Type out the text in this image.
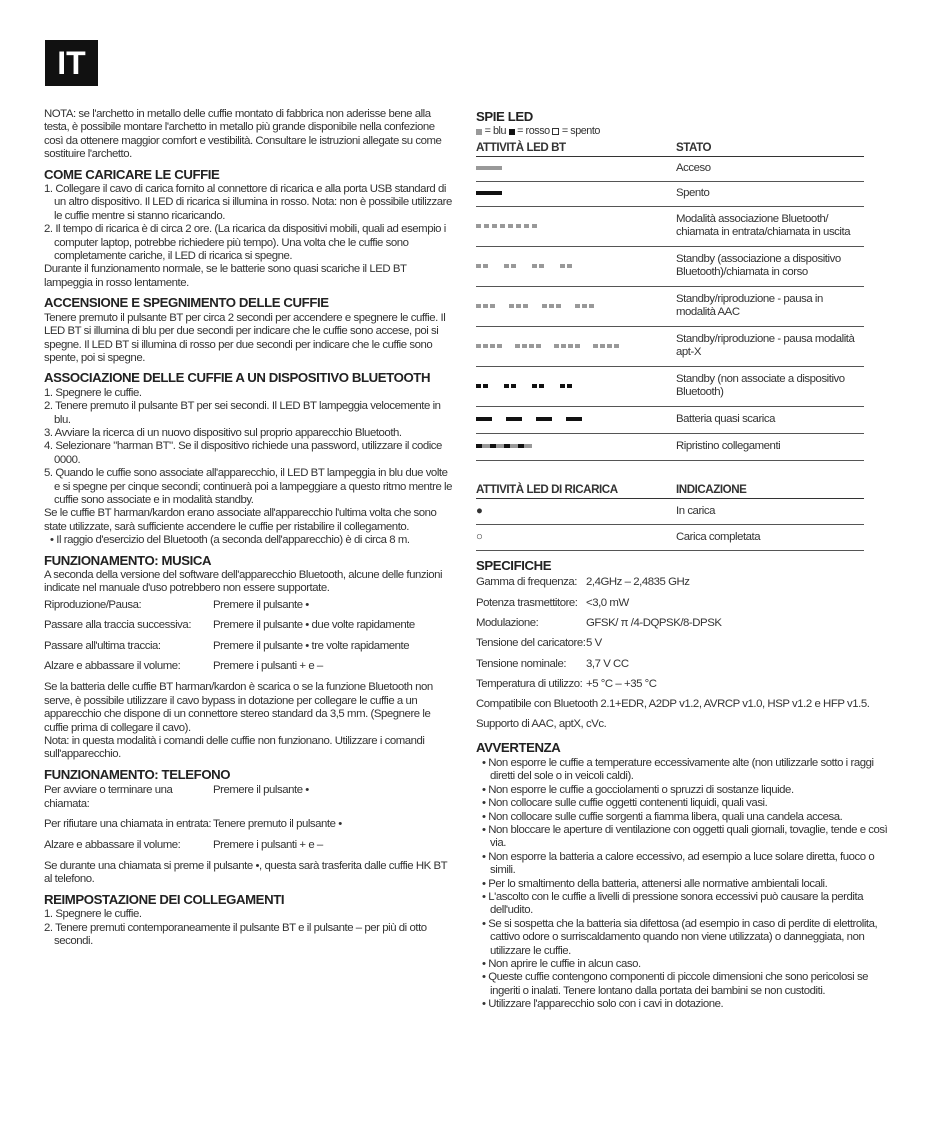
IT

NOTA: se l'archetto in metallo delle cuffie montato di fabbrica non aderisse bene alla testa, è possibile montare l'archetto in metallo più grande disponibile nella confezione così da ottenere maggior comfort e vestibilità. Consultare le istruzioni allegate su come sostituire l'archetto.

COME CARICARE LE CUFFIE
1. Collegare il cavo di carica fornito al connettore di ricarica e alla porta USB standard di un altro dispositivo. Il LED di ricarica si illumina in rosso. Nota: non è possibile utilizzare le cuffie mentre si stanno ricaricando.
2. Il tempo di ricarica è di circa 2 ore. (La ricarica da dispositivi mobili, quali ad esempio i computer laptop, potrebbe richiedere più tempo). Una volta che le cuffie sono completamente cariche, il LED di ricarica si spegne.

Durante il funzionamento normale, se le batterie sono quasi scariche il LED BT lampeggia in rosso lentamente.

ACCENSIONE E SPEGNIMENTO DELLE CUFFIE

Tenere premuto il pulsante BT per circa 2 secondi per accendere e spegnere le cuffie. Il LED BT si illumina di blu per due secondi per indicare che le cuffie sono accese, poi si spegne. Il LED BT si illumina di rosso per due secondi per indicare che le cuffie sono spente, poi si spegne.

ASSOCIAZIONE DELLE CUFFIE A UN DISPOSITIVO BLUETOOTH
1. Spegnere le cuffie.
2. Tenere premuto il pulsante BT per sei secondi. Il LED BT lampeggia velocemente in blu.
3. Avviare la ricerca di un nuovo dispositivo sul proprio apparecchio Bluetooth.
4. Selezionare "harman BT". Se il dispositivo richiede una password, utilizzare il codice 0000.
5. Quando le cuffie sono associate all'apparecchio, il LED BT lampeggia in blu due volte e si spegne per cinque secondi; continuerà poi a lampeggiare a questo ritmo mentre le cuffie sono associate e in modalità standby.

Se le cuffie BT harman/kardon erano associate all'apparecchio l'ultima volta che sono state utilizzate, sarà sufficiente accendere le cuffie per ristabilire il collegamento.

• Il raggio d'esercizio del Bluetooth (a seconda dell'apparecchio) è di circa 8 m.
FUNZIONAMENTO: MUSICA

A seconda della versione del software dell'apparecchio Bluetooth, alcune delle funzioni indicate nel manuale d'uso potrebbero non essere supportate.

Riproduzione/Pausa:	Premere il pulsante •
Passare alla traccia successiva:	Premere il pulsante • due volte rapidamente
Passare all'ultima traccia:	Premere il pulsante • tre volte rapidamente
Alzare e abbassare il volume:	Premere i pulsanti + e –

Se la batteria delle cuffie BT harman/kardon è scarica o se la funzione Bluetooth non serve, è possibile utilizzare il cavo bypass in dotazione per collegare le cuffie a un apparecchio che dispone di un connettore stereo standard da 3,5 mm. (Spegnere le cuffie prima di collegare il cavo).

Nota: in questa modalità i comandi delle cuffie non funzionano. Utilizzare i comandi sull'apparecchio.

FUNZIONAMENTO: TELEFONO
Per avviare o terminare una chiamata:
Premere il pulsante •
Per rifiutare una chiamata in entrata: Tenere premuto il pulsante •
Alzare e abbassare il volume:	Premere i pulsanti + e –

Se durante una chiamata si preme il pulsante •, questa sarà trasferita dalle cuffie HK BT al telefono.

REIMPOSTAZIONE DEI COLLEGAMENTI
1. Spegnere le cuffie.
2. Tenere premuti contemporaneamente il pulsante BT e il pulsante – per più di otto secondi.
SPIE LED
= blu = rosso = spento
ATTIVITÀ LED BT	STATO
	Acceso
	Spento
	Modalità associazione Bluetooth/ chiamata in entrata/chiamata in uscita
	Standby (associazione a dispositivo Bluetooth)/chiamata in corso
	Standby/riproduzione - pausa in modalità AAC
	Standby/riproduzione - pausa modalità apt-X
	Standby (non associate a dispositivo Bluetooth)
	Batteria quasi scarica
	Ripristino collegamenti
ATTIVITÀ LED DI RICARICA	INDICAZIONE
●	In carica
○	Carica completata
SPECIFICHE
Gamma di frequenza: 2,4GHz – 2,4835 GHz
Potenza trasmettitore: <3,0 mW
Modulazione:	GFSK/ π /4-DQPSK/8-DPSK
Tensione del caricatore: 5 V
Tensione nominale:	3,7 V CC
Temperatura di utilizzo: +5 °C – +35 °C

Compatibile con Bluetooth 2.1+EDR, A2DP v1.2, AVRCP v1.0, HSP v1.2 e HFP v1.5.

Supporto di AAC, aptX, cVc.

AVVERTENZA
• Non esporre le cuffie a temperature eccessivamente alte (non utilizzarle sotto i raggi diretti del sole o in veicoli caldi).
• Non esporre le cuffie a gocciolamenti o spruzzi di sostanze liquide.
• Non collocare sulle cuffie oggetti contenenti liquidi, quali vasi.
• Non collocare sulle cuffie sorgenti a fiamma libera, quali una candela accesa.
• Non bloccare le aperture di ventilazione con oggetti quali giornali, tovaglie, tende e così via.
• Non esporre la batteria a calore eccessivo, ad esempio a luce solare diretta, fuoco o simili.
• Per lo smaltimento della batteria, attenersi alle normative ambientali locali.
• L'ascolto con le cuffie a livelli di pressione sonora eccessivi può causare la perdita dell'udito.
• Se si sospetta che la batteria sia difettosa (ad esempio in caso di perdite di elettrolita, cattivo odore o surriscaldamento quando non viene utilizzata) o danneggiata, non utilizzare le cuffie.
• Non aprire le cuffie in alcun caso.
• Queste cuffie contengono componenti di piccole dimensioni che sono pericolosi se ingeriti o inalati. Tenere lontano dalla portata dei bambini se non custoditi.
• Utilizzare l'apparecchio solo con i cavi in dotazione.
